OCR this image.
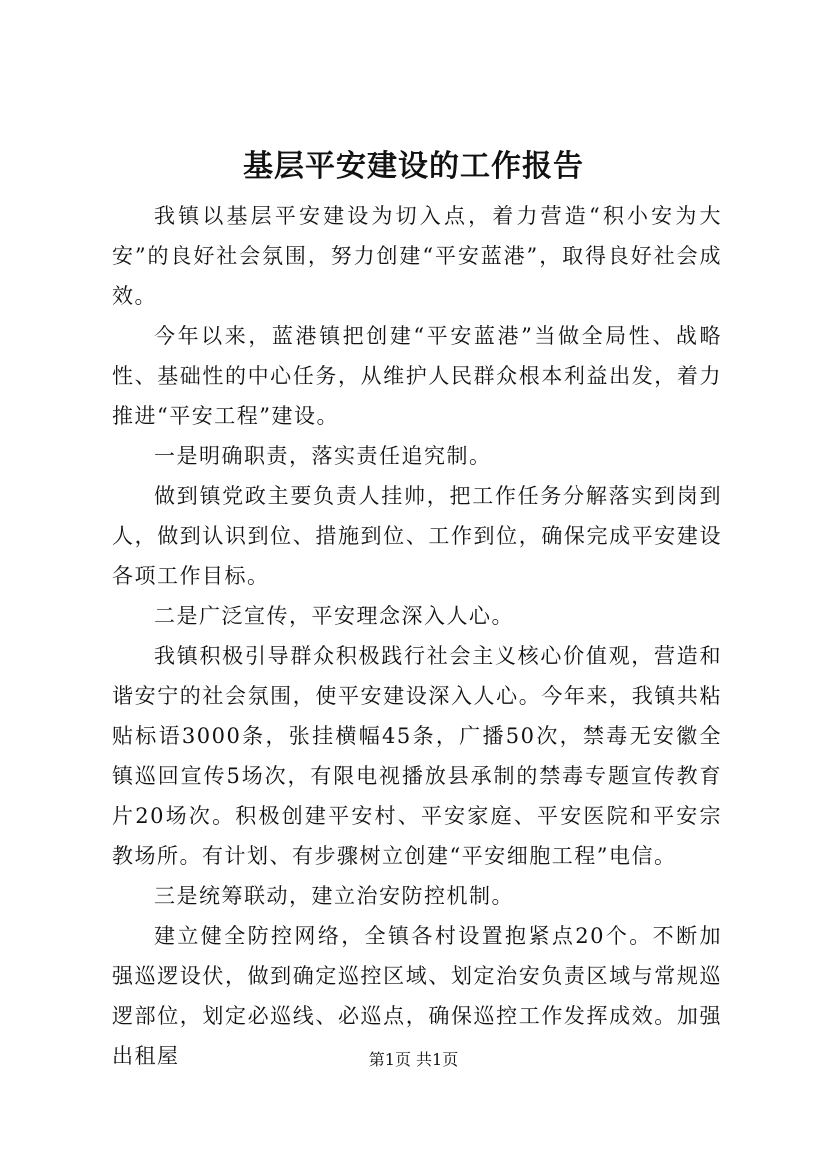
基层平安建设的工作报告

我镇以基层平安建设为切入点，着力营造“积小安为大安”的良好社会氛围，努力创建“平安蓝港”，取得良好社会成效。

今年以来，蓝港镇把创建“平安蓝港”当做全局性、战略性、基础性的中心任务，从维护人民群众根本利益出发，着力推进“平安工程”建设。

一是明确职责，落实责任追究制。

做到镇党政主要负责人挂帅，把工作任务分解落实到岗到人，做到认识到位、措施到位、工作到位，确保完成平安建设各项工作目标。

二是广泛宣传，平安理念深入人心。

我镇积极引导群众积极践行社会主义核心价值观，营造和谐安宁的社会氛围，使平安建设深入人心。今年来，我镇共粘贴标语3000条，张挂横幅45条，广播50次，禁毒无安徽全镇巡回宣传5场次，有限电视播放县承制的禁毒专题宣传教育片20场次。积极创建平安村、平安家庭、平安医院和平安宗教场所。有计划、有步骤树立创建“平安细胞工程”电信。

三是统筹联动，建立治安防控机制。

建立健全防控网络，全镇各村设置抱紧点20个。不断加强巡逻设伏，做到确定巡控区域、划定治安负责区域与常规巡逻部位，划定必巡线、必巡点，确保巡控工作发挥成效。加强出租屋	第1页 共1页
